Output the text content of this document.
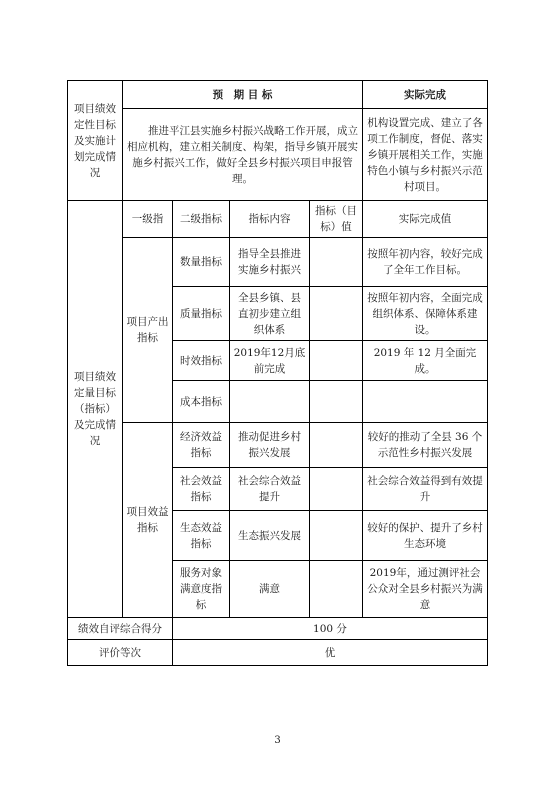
项目绩效定性目标及实施计划完成情况	预　期 目 标				实际完成
	推进平江县实施乡村振兴战略工作开展，成立相应机构，建立相关制度、构架，指导乡镇开展实施乡村振兴工作，做好全县乡村振兴项目申报管理。				机构设置完成、建立了各项工作制度，督促、落实乡镇开展相关工作，实施特色小镇与乡村振兴示范村项目。
项目绩效定量目标（指标）及完成情况	一级指	二级指标	指标内容	指标（目标）值	实际完成值
	项目产出指标	数量指标	指导全县推进实施乡村振兴		按照年初内容，较好完成了全年工作目标。
		质量指标	全县乡镇、县直初步建立组织体系		按照年初内容，全面完成组织体系、保障体系建设。
		时效指标	2019年12月底前完成		2019 年 12 月全面完成。
		成本指标			
	项目效益指标	经济效益指标	推动促进乡村振兴发展		较好的推动了全县 36 个示范性乡村振兴发展
		社会效益指标	社会综合效益提升		社会综合效益得到有效提升
		生态效益指标	生态振兴发展		较好的保护、提升了乡村生态环境
		服务对象满意度指标	满意		2019年，通过测评社会公众对全县乡村振兴为满意
绩效自评综合得分		100 分			
评价等次		优			
3
